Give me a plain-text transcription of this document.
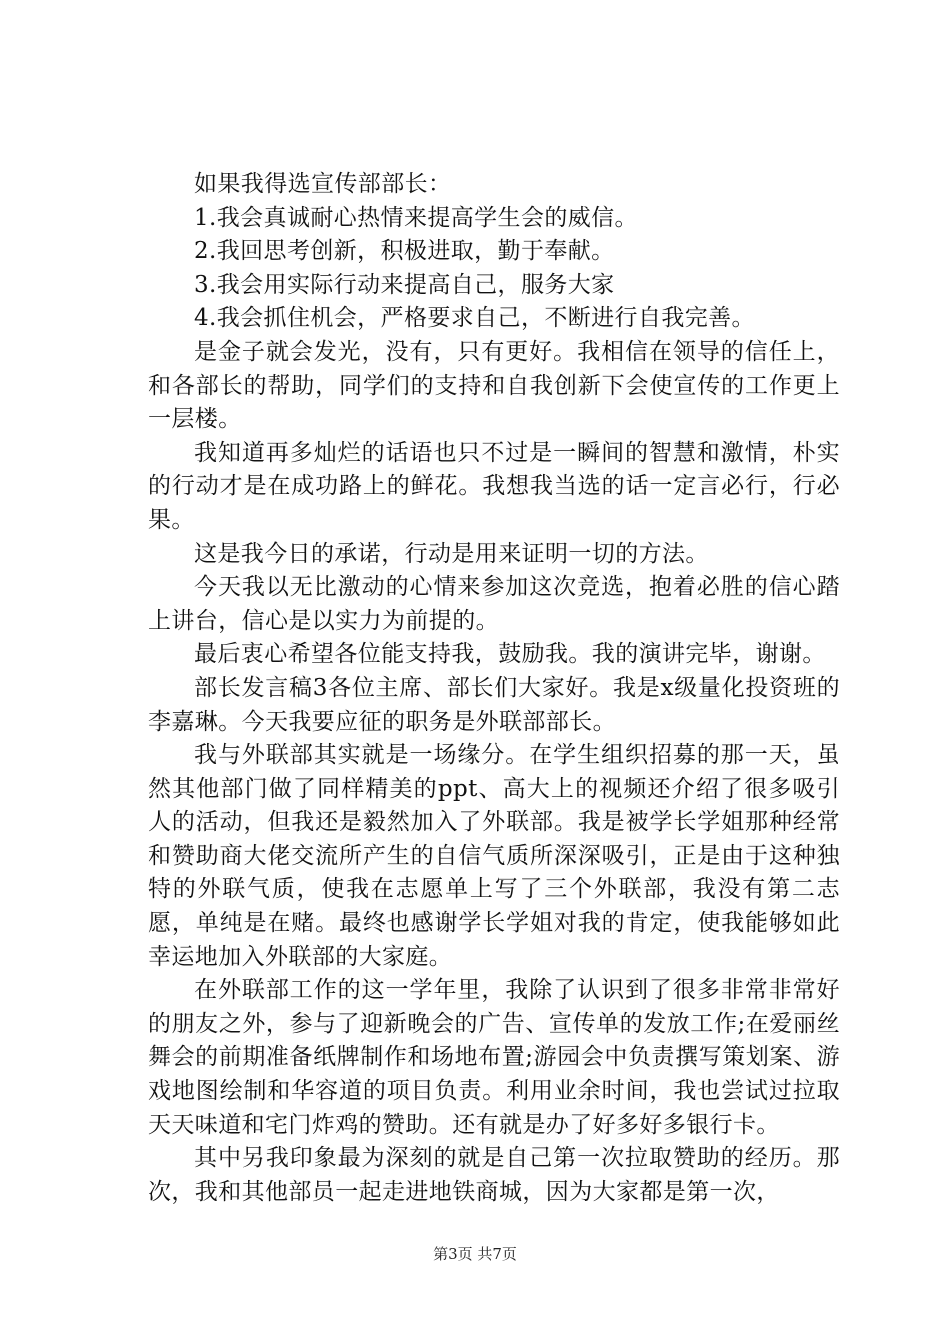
如果我得选宣传部部长：

1.我会真诚耐心热情来提高学生会的威信。

2.我回思考创新，积极进取，勤于奉献。

3.我会用实际行动来提高自己，服务大家

4.我会抓住机会，严格要求自己，不断进行自我完善。

是金子就会发光，没有，只有更好。我相信在领导的信任上，和各部长的帮助，同学们的支持和自我创新下会使宣传的工作更上一层楼。

我知道再多灿烂的话语也只不过是一瞬间的智慧和激情，朴实的行动才是在成功路上的鲜花。我想我当选的话一定言必行，行必果。

这是我今日的承诺，行动是用来证明一切的方法。

今天我以无比激动的心情来参加这次竞选，抱着必胜的信心踏上讲台，信心是以实力为前提的。

最后衷心希望各位能支持我，鼓励我。我的演讲完毕，谢谢。

部长发言稿3各位主席、部长们大家好。我是x级量化投资班的李嘉琳。今天我要应征的职务是外联部部长。

我与外联部其实就是一场缘分。在学生组织招募的那一天，虽然其他部门做了同样精美的ppt、高大上的视频还介绍了很多吸引人的活动，但我还是毅然加入了外联部。我是被学长学姐那种经常和赞助商大佬交流所产生的自信气质所深深吸引，正是由于这种独特的外联气质，使我在志愿单上写了三个外联部，我没有第二志愿，单纯是在赌。最终也感谢学长学姐对我的肯定，使我能够如此幸运地加入外联部的大家庭。

在外联部工作的这一学年里，我除了认识到了很多非常非常好的朋友之外，参与了迎新晚会的广告、宣传单的发放工作;在爱丽丝舞会的前期准备纸牌制作和场地布置;游园会中负责撰写策划案、游戏地图绘制和华容道的项目负责。利用业余时间，我也尝试过拉取天天味道和宅门炸鸡的赞助。还有就是办了好多好多银行卡。

其中另我印象最为深刻的就是自己第一次拉取赞助的经历。那次，我和其他部员一起走进地铁商城，因为大家都是第一次，

第3页 共7页
